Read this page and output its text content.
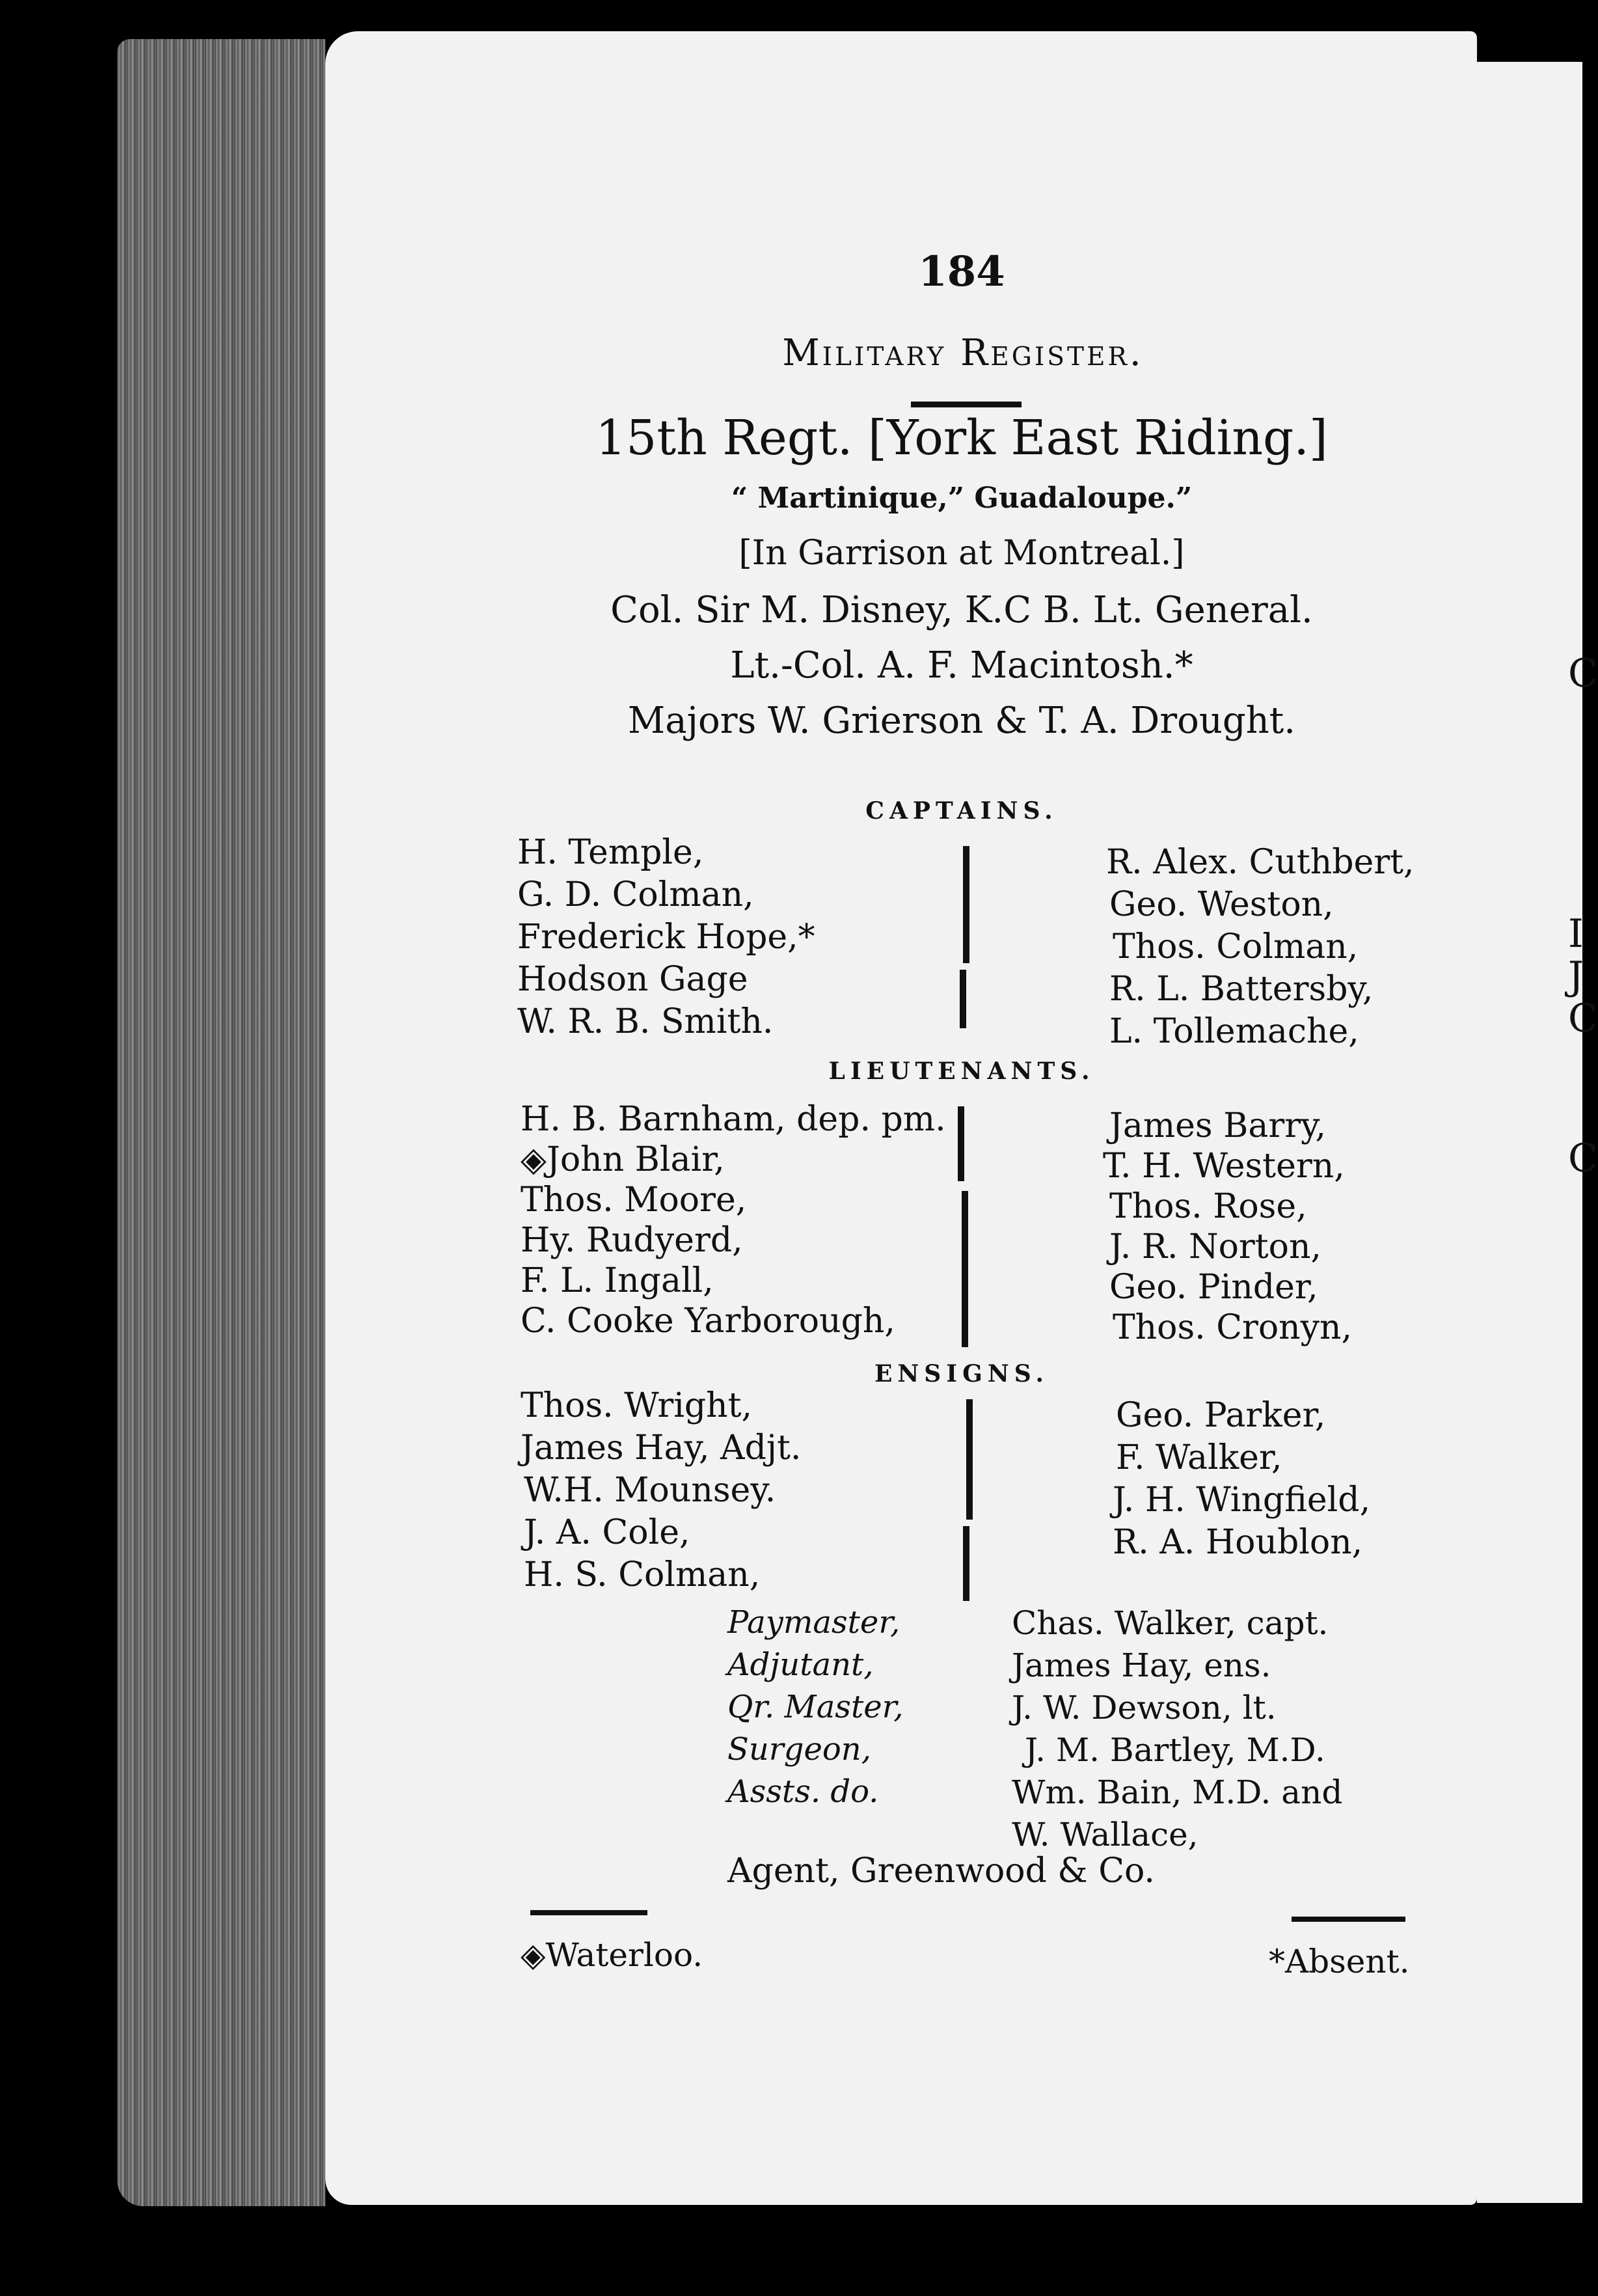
C
I
J
C
C
184
Military Register.
15th Regt. [York East Riding.]
“ Martinique,” Guadaloupe.”
[In Garrison at Montreal.]
Col. Sir M. Disney, K.C B. Lt. General.
Lt.-Col. A. F. Macintosh.*
Majors W. Grierson & T. A. Drought.
CAPTAINS.
H. Temple,
G. D. Colman,
Frederick Hope,*
Hodson Gage
W. R. B. Smith.
R. Alex. Cuthbert,
Geo. Weston,
Thos. Colman,
R. L. Battersby,
L. Tollemache,
LIEUTENANTS.
H. B. Barnham, dep. pm.
◈John Blair,
Thos. Moore,
Hy. Rudyerd,
F. L. Ingall,
C. Cooke Yarborough,
James Barry,
T. H. Western,
Thos. Rose,
J. R. Norton,
Geo. Pinder,
Thos. Cronyn,
ENSIGNS.
Thos. Wright,
James Hay, Adjt.
W.H. Mounsey.
J. A. Cole,
H. S. Colman,
Geo. Parker,
F. Walker,
J. H. Wingfield,
R. A. Houblon,
Paymaster,
Adjutant,
Qr. Master,
Surgeon,
Assts. do.
Chas. Walker, capt.
James Hay, ens.
J. W. Dewson, lt.
J. M. Bartley, M.D.
Wm. Bain, M.D. and
W. Wallace,
Agent, Greenwood & Co.
◈Waterloo.	*Absent.
